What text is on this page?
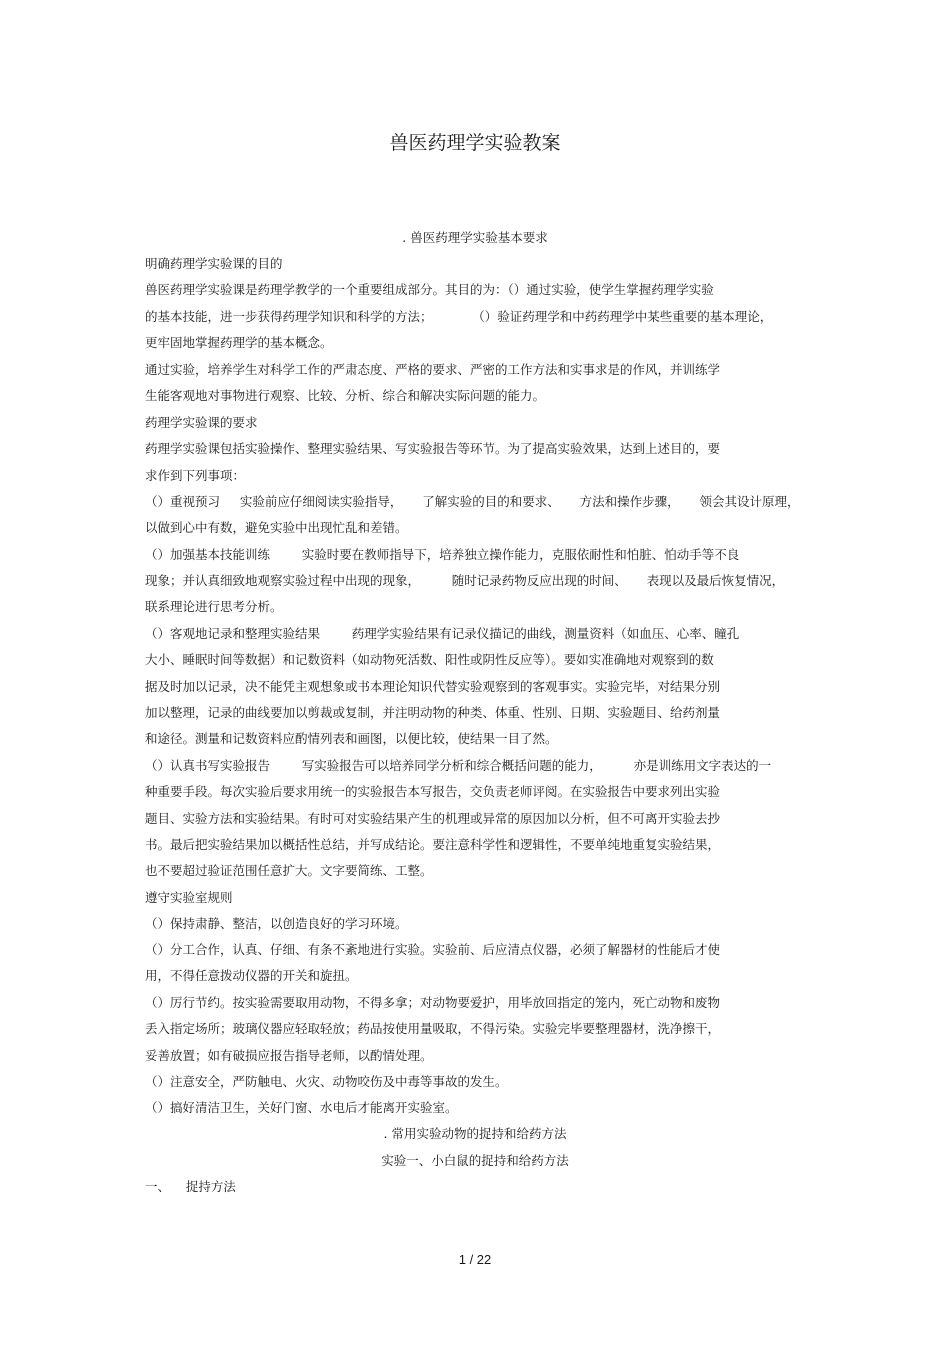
兽医药理学实验教案
. 兽医药理学实验基本要求
明确药理学实验课的目的
兽医药理学实验课是药理学教学的一个重要组成部分。其目的为：（）通过实验，使学生掌握药理学实验
的基本技能，进一步获得药理学知识和科学的方法；          （）验证药理学和中药药理学中某些重要的基本理论，
更牢固地掌握药理学的基本概念。
通过实验，培养学生对科学工作的严肃态度、严格的要求、严密的工作方法和实事求是的作风，并训练学
生能客观地对事物进行观察、比较、分析、综合和解决实际问题的能力。
药理学实验课的要求
药理学实验课包括实验操作、整理实验结果、写实验报告等环节。为了提高实验效果，达到上述目的，要
求作到下列事项：
（）重视预习     实验前应仔细阅读实验指导，     了解实验的目的和要求、     方法和操作步骤，     领会其设计原理，
以做到心中有数，避免实验中出现忙乱和差错。
（）加强基本技能训练        实验时要在教师指导下，培养独立操作能力，克服依耐性和怕脏、怕动手等不良
现象；并认真细致地观察实验过程中出现的现象，        随时记录药物反应出现的时间、     表现以及最后恢复情况，
联系理论进行思考分析。
（）客观地记录和整理实验结果        药理学实验结果有记录仪描记的曲线，测量资料（如血压、心率、瞳孔
大小、睡眠时间等数据）和记数资料（如动物死活数、阳性或阴性反应等）。要如实准确地对观察到的数
据及时加以记录，决不能凭主观想象或书本理论知识代替实验观察到的客观事实。实验完毕，对结果分别
加以整理，记录的曲线要加以剪裁或复制，并注明动物的种类、体重、性别、日期、实验题目、给药剂量
和途径。测量和记数资料应酌情列表和画图，以便比较，使结果一目了然。
（）认真书写实验报告        写实验报告可以培养同学分析和综合概括问题的能力，        亦是训练用文字表达的一
种重要手段。每次实验后要求用统一的实验报告本写报告，交负责老师评阅。在实验报告中要求列出实验
题目、实验方法和实验结果。有时可对实验结果产生的机理或异常的原因加以分析，但不可离开实验去抄
书。最后把实验结果加以概括性总结，并写成结论。要注意科学性和逻辑性，不要单纯地重复实验结果，
也不要超过验证范围任意扩大。文字要简练、工整。
遵守实验室规则
（）保持肃静、整洁，以创造良好的学习环境。
（）分工合作，认真、仔细、有条不紊地进行实验。实验前、后应清点仪器，必须了解器材的性能后才使
用，不得任意拨动仪器的开关和旋扭。
（）厉行节约。按实验需要取用动物，不得多拿；对动物要爱护，用毕放回指定的笼内，死亡动物和废物
丢入指定场所；玻璃仪器应轻取轻放；药品按使用量吸取，不得污染。实验完毕要整理器材，洗净擦干，
妥善放置；如有破损应报告指导老师，以酌情处理。
（）注意安全，严防触电、火灾、动物咬伤及中毒等事故的发生。
（）搞好清洁卫生，关好门窗、水电后才能离开实验室。
. 常用实验动物的捉持和给药方法
实验一、小白鼠的捉持和给药方法
一、    捉持方法
1 / 22
